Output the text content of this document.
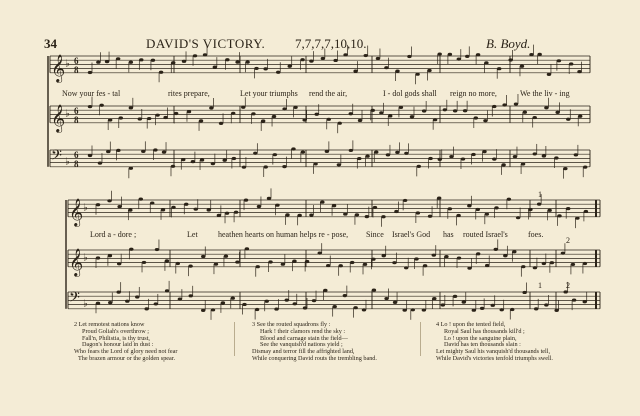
34	DAVID'S VICTORY. 7,7,7,7,10,10.	B. Boyd.
𝄞 ♭ 6
8
𝄞 ♭ 6
8
𝄢 ♭
6
8
𝄞 ♭
𝄞 ♭
𝄢 ♭
Now your fes - tal	rites prepare,	Let your triumphs rend the air,	I - dol gods shall reign no more,	We the liv - ing
Lord a - dore ;	Let	heathen hearts on human helps re - pose, Since Israel's God has routed Israel's	foes.
1
2
1	2
2 Let remotest nations know
Proud Goliah's overthrow ;
Fall'n, Philistia, is thy trust,
Dagon's honour laid in dust :
Who fears the Lord of glory need not fear
The brazen armour or the golden spear.
3 See the routed squadrons fly :
Hark ! their clamors rend the sky :
Blood and carnage stain the field—
See the vanquish'd nations yield ;
Dismay and terror fill the affrighted land,
While conquering David routs the trembling band.
4 Lo ! upon the tented field,
Royal Saul has thousands kill'd ;
Lo ! upon the sanguine plain,
David has ten thousands slain :
Let mighty Saul his vanquish'd thousands tell,
While David's victories tenfold triumphs swell.
